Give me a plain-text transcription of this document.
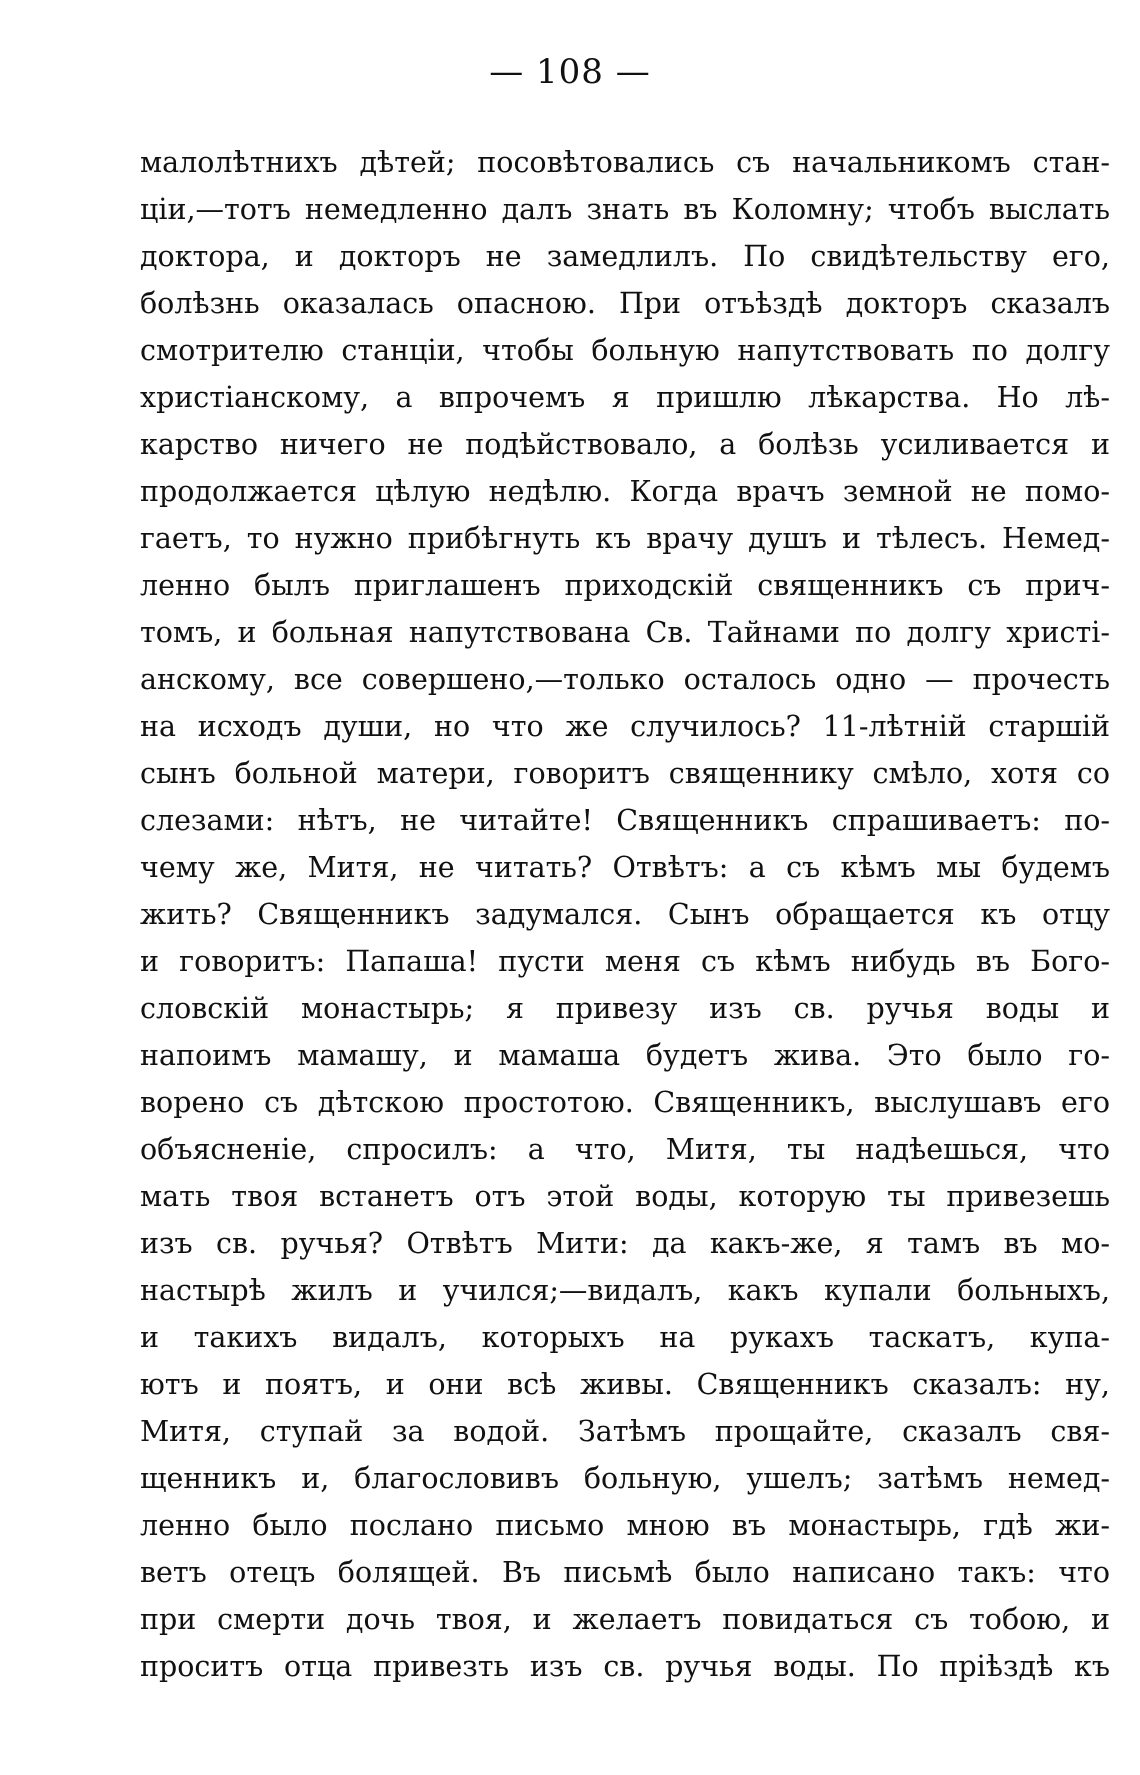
— 108 —
малолѣтнихъ дѣтей; посовѣтовались съ начальникомъ стан-
ціи,—тотъ немедленно далъ знать въ Коломну; чтобъ выслать
доктора, и докторъ не замедлилъ. По свидѣтельству его,
болѣзнь оказалась опасною. При отъѣздѣ докторъ сказалъ
смотрителю станціи, чтобы больную напутствовать по долгу
христіанскому, а впрочемъ я пришлю лѣкарства. Но лѣ-
карство ничего не подѣйствовало, а болѣзь усиливается и
продолжается цѣлую недѣлю. Когда врачъ земной не помо-
гаетъ, то нужно прибѣгнуть къ врачу душъ и тѣлесъ. Немед-
ленно былъ приглашенъ приходскій священникъ съ прич-
томъ, и больная напутствована Св. Тайнами по долгу христі-
анскому, все совершено,—только осталось одно — прочесть
на исходъ души, но что же случилось? 11-лѣтній старшій
сынъ больной матери, говоритъ священнику смѣло, хотя со
слезами: нѣтъ, не читайте! Священникъ спрашиваетъ: по-
чему же, Митя, не читать? Отвѣтъ: а съ кѣмъ мы будемъ
жить? Священникъ задумался. Сынъ обращается къ отцу
и говоритъ: Папаша! пусти меня съ кѣмъ нибудь въ Бого-
словскій монастырь; я привезу изъ св. ручья воды и
напоимъ мамашу, и мамаша будетъ жива. Это было го-
ворено съ дѣтскою простотою. Священникъ, выслушавъ его
объясненіе, спросилъ: а что, Митя, ты надѣешься, что
мать твоя встанетъ отъ этой воды, которую ты привезешь
изъ св. ручья? Отвѣтъ Мити: да какъ-же, я тамъ въ мо-
настырѣ жилъ и учился;—видалъ, какъ купали больныхъ,
и такихъ видалъ, которыхъ на рукахъ таскатъ, купа-
ютъ и поятъ, и они всѣ живы. Священникъ сказалъ: ну,
Митя, ступай за водой. Затѣмъ прощайте, сказалъ свя-
щенникъ и, благословивъ больную, ушелъ; затѣмъ немед-
ленно было послано письмо мною въ монастырь, гдѣ жи-
ветъ отецъ болящей. Въ письмѣ было написано такъ: что
при смерти дочь твоя, и желаетъ повидаться съ тобою, и
проситъ отца привезть изъ св. ручья воды. По пріѣздѣ къ
